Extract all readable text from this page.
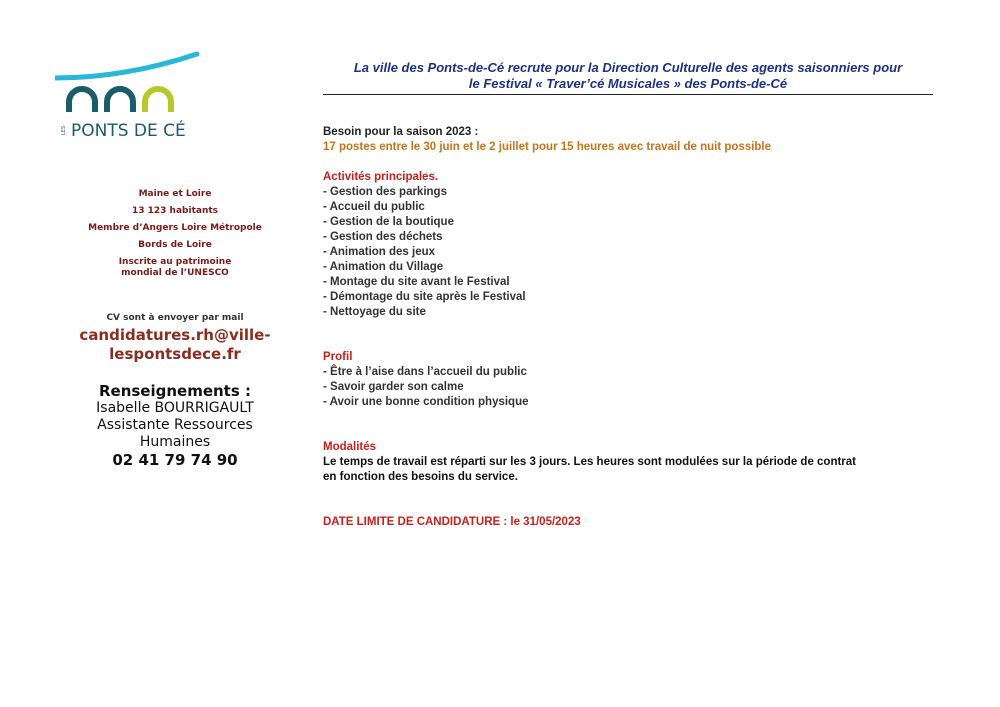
LES PONTS DE CÉ
Maine et Loire
13 123 habitants
Membre d’Angers Loire Métropole
Bords de Loire
Inscrite au patrimoine
mondial de l’UNESCO
CV sont à envoyer par mail
candidatures.rh@ville-
lespontsdece.fr
Renseignements :
Isabelle BOURRIGAULT
Assistante Ressources
Humaines
02 41 79 74 90
La ville des Ponts-de-Cé recrute pour la Direction Culturelle des agents saisonniers pour
le Festival « Traver’cé Musicales » des Ponts-de-Cé
Besoin pour la saison 2023 :
17 postes entre le 30 juin et le 2 juillet pour 15 heures avec travail de nuit possible
Activités principales.
- Gestion des parkings
- Accueil du public
- Gestion de la boutique
- Gestion des déchets
- Animation des jeux
- Animation du Village
- Montage du site avant le Festival
- Démontage du site après le Festival
- Nettoyage du site
Profil
- Être à l’aise dans l’accueil du public
- Savoir garder son calme
- Avoir une bonne condition physique
Modalités
Le temps de travail est réparti sur les 3 jours. Les heures sont modulées sur la période de contrat
en fonction des besoins du service.
DATE LIMITE DE CANDIDATURE : le 31/05/2023
